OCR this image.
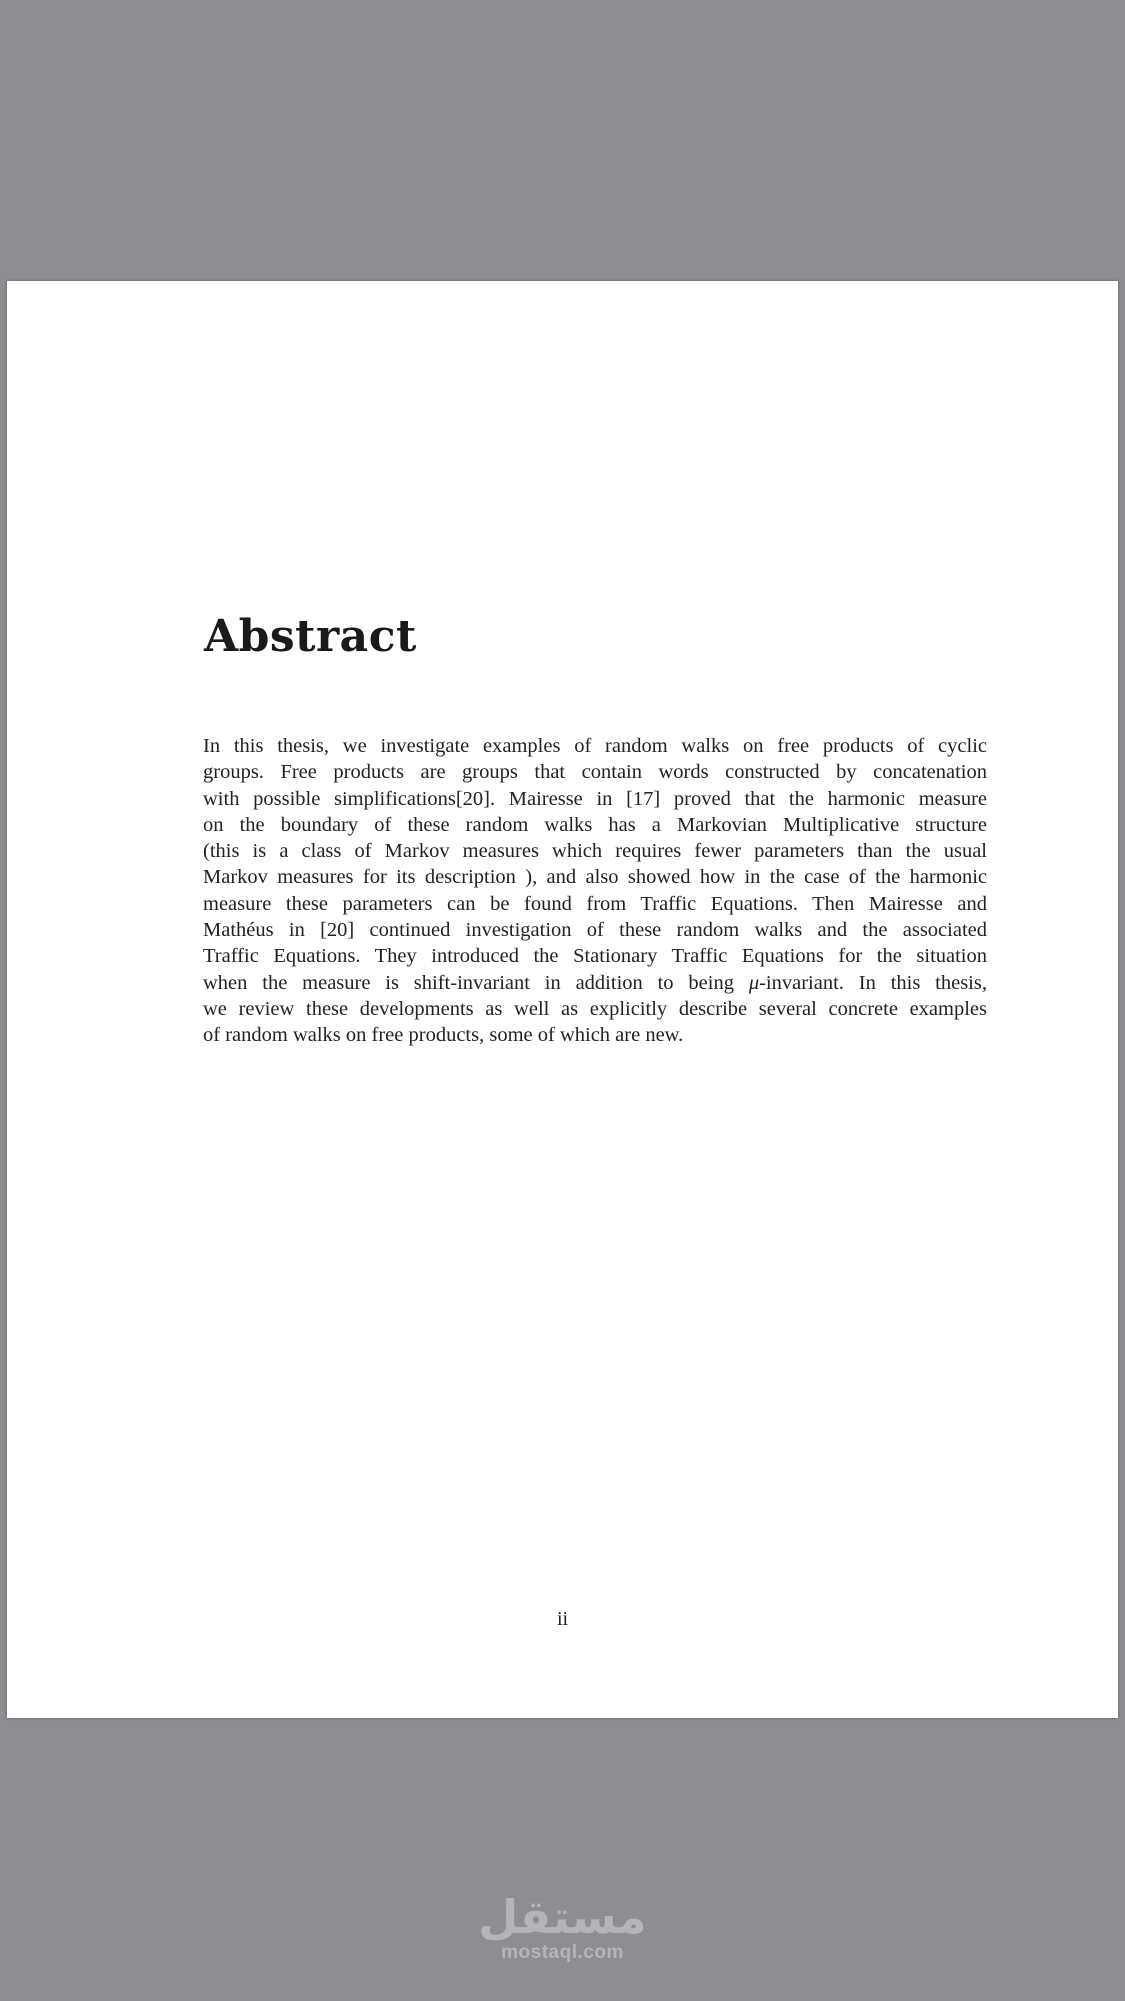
Abstract
In this thesis, we investigate examples of random walks on free products of cyclic
groups. Free products are groups that contain words constructed by concatenation
with possible simplifications[20]. Mairesse in [17] proved that the harmonic measure
on the boundary of these random walks has a Markovian Multiplicative structure
(this is a class of Markov measures which requires fewer parameters than the usual
Markov measures for its description ), and also showed how in the case of the harmonic
measure these parameters can be found from Traffic Equations. Then Mairesse and
Mathéus in [20] continued investigation of these random walks and the associated
Traffic Equations. They introduced the Stationary Traffic Equations for the situation
when the measure is shift-invariant in addition to being μ-invariant. In this thesis,
we review these developments as well as explicitly describe several concrete examples
of random walks on free products, some of which are new.
ii
مستقل
mostaql.com
